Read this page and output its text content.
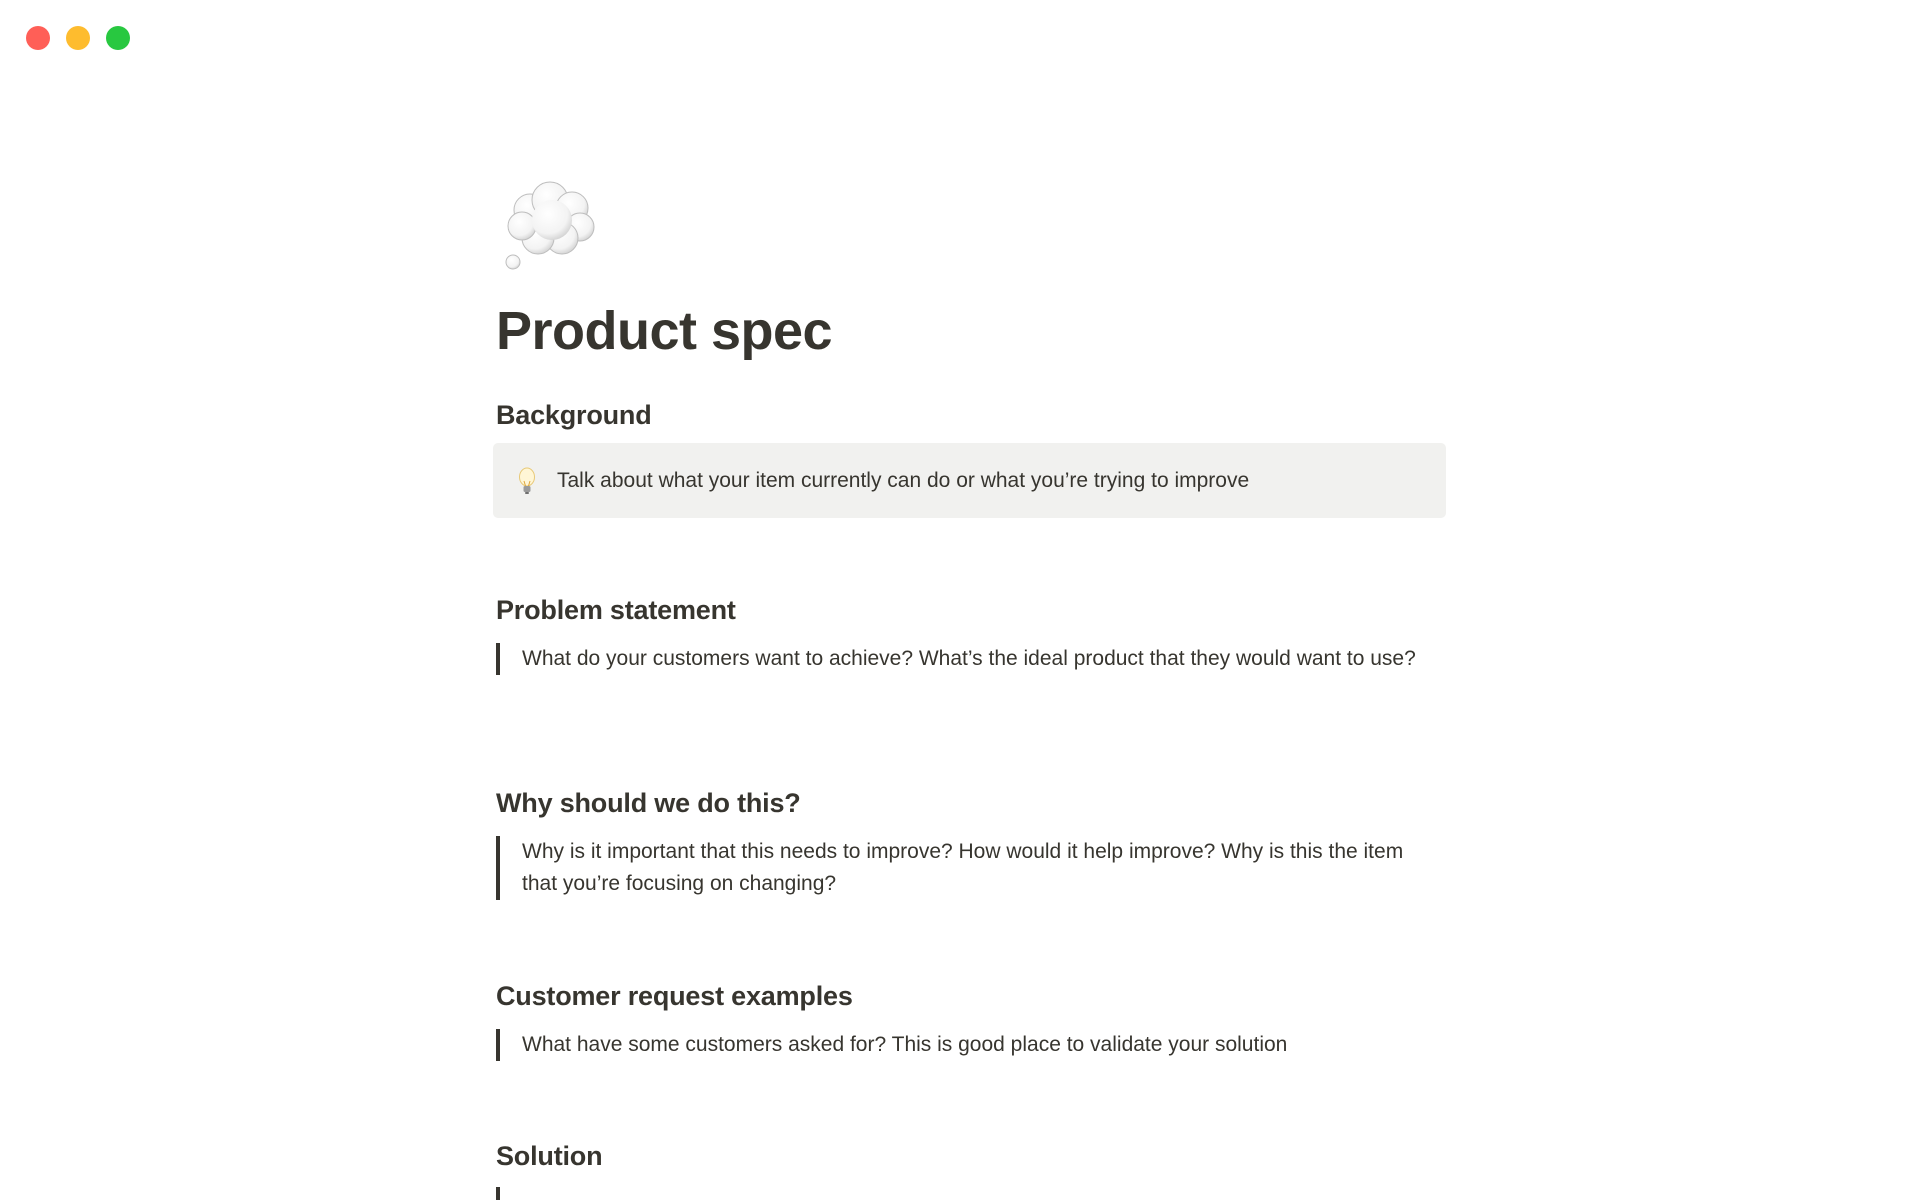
Product spec
Background
Talk about what your item currently can do or what you’re trying to improve
Problem statement
What do your customers want to achieve? What’s the ideal product that they would want to use?
Why should we do this?
Why is it important that this needs to improve? How would it help improve? Why is this the item that you’re focusing on changing?
Customer request examples
What have some customers asked for? This is good place to validate your solution
Solution
